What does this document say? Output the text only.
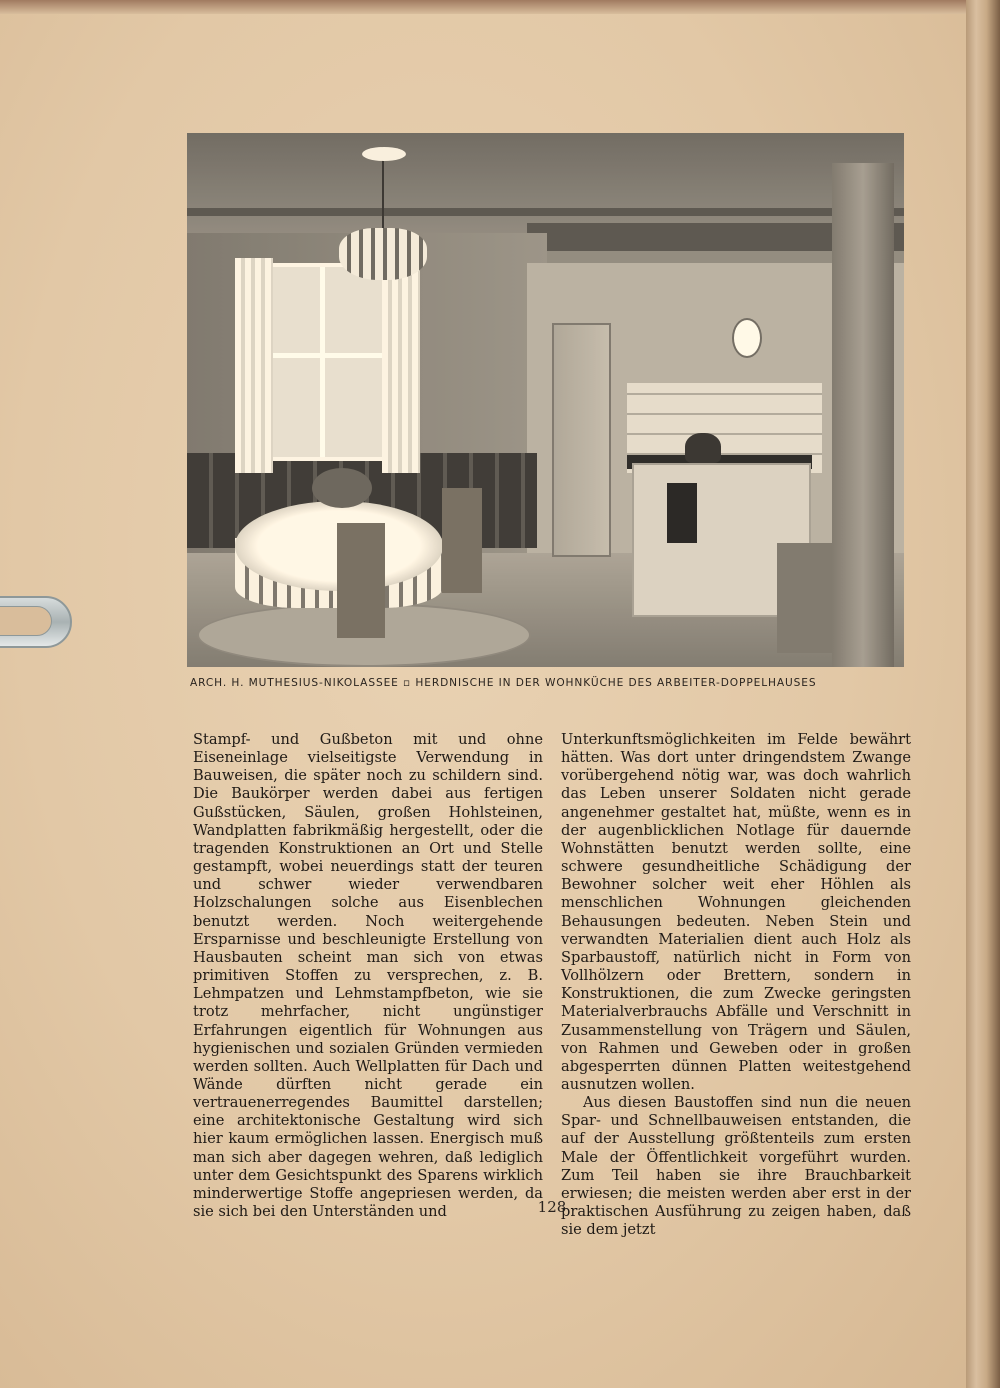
ARCH. H. MUTHESIUS-NIKOLASSEE ▫ HERDNISCHE IN DER WOHNKÜCHE DES ARBEITER-DOPPELHAUSES

Stampf- und Gußbeton mit und ohne Eiseneinlage vielseitigste Verwendung in Bauweisen, die später noch zu schildern sind. Die Baukörper werden dabei aus fertigen Gußstücken, Säulen, großen Hohlsteinen, Wandplatten fabrikmäßig hergestellt, oder die tragenden Konstruktionen an Ort und Stelle gestampft, wobei neuerdings statt der teuren und schwer wieder verwendbaren Holzschalungen solche aus Eisenblechen benutzt werden. Noch weitergehende Ersparnisse und beschleunigte Erstellung von Hausbauten scheint man sich von etwas primitiven Stoffen zu versprechen, z. B. Lehmpatzen und Lehmstampfbeton, wie sie trotz mehrfacher, nicht ungünstiger Erfahrungen eigentlich für Wohnungen aus hygienischen und sozialen Gründen vermieden werden sollten. Auch Wellplatten für Dach und Wände dürften nicht gerade ein vertrauenerregendes Baumittel darstellen; eine architektonische Gestaltung wird sich hier kaum ermöglichen lassen. Energisch muß man sich aber dagegen wehren, daß lediglich unter dem Gesichtspunkt des Sparens wirklich minderwertige Stoffe angepriesen werden, da sie sich bei den Unterständen und

Unterkunftsmöglichkeiten im Felde bewährt hätten. Was dort unter dringendstem Zwange vorübergehend nötig war, was doch wahrlich das Leben unserer Soldaten nicht gerade angenehmer gestaltet hat, müßte, wenn es in der augenblicklichen Notlage für dauernde Wohnstätten benutzt werden sollte, eine schwere gesundheitliche Schädigung der Bewohner solcher weit eher Höhlen als menschlichen Wohnungen gleichenden Behausungen bedeuten. Neben Stein und verwandten Materialien dient auch Holz als Sparbaustoff, natürlich nicht in Form von Vollhölzern oder Brettern, sondern in Konstruktionen, die zum Zwecke geringsten Materialverbrauchs Abfälle und Verschnitt in Zusammenstellung von Trägern und Säulen, von Rahmen und Geweben oder in großen abgesperrten dünnen Platten weitestgehend ausnutzen wollen.

Aus diesen Baustoffen sind nun die neuen Spar- und Schnellbauweisen entstanden, die auf der Ausstellung größtenteils zum ersten Male der Öffentlichkeit vorgeführt wurden. Zum Teil haben sie ihre Brauchbarkeit erwiesen; die meisten werden aber erst in der praktischen Ausführung zu zeigen haben, daß sie dem jetzt

128
